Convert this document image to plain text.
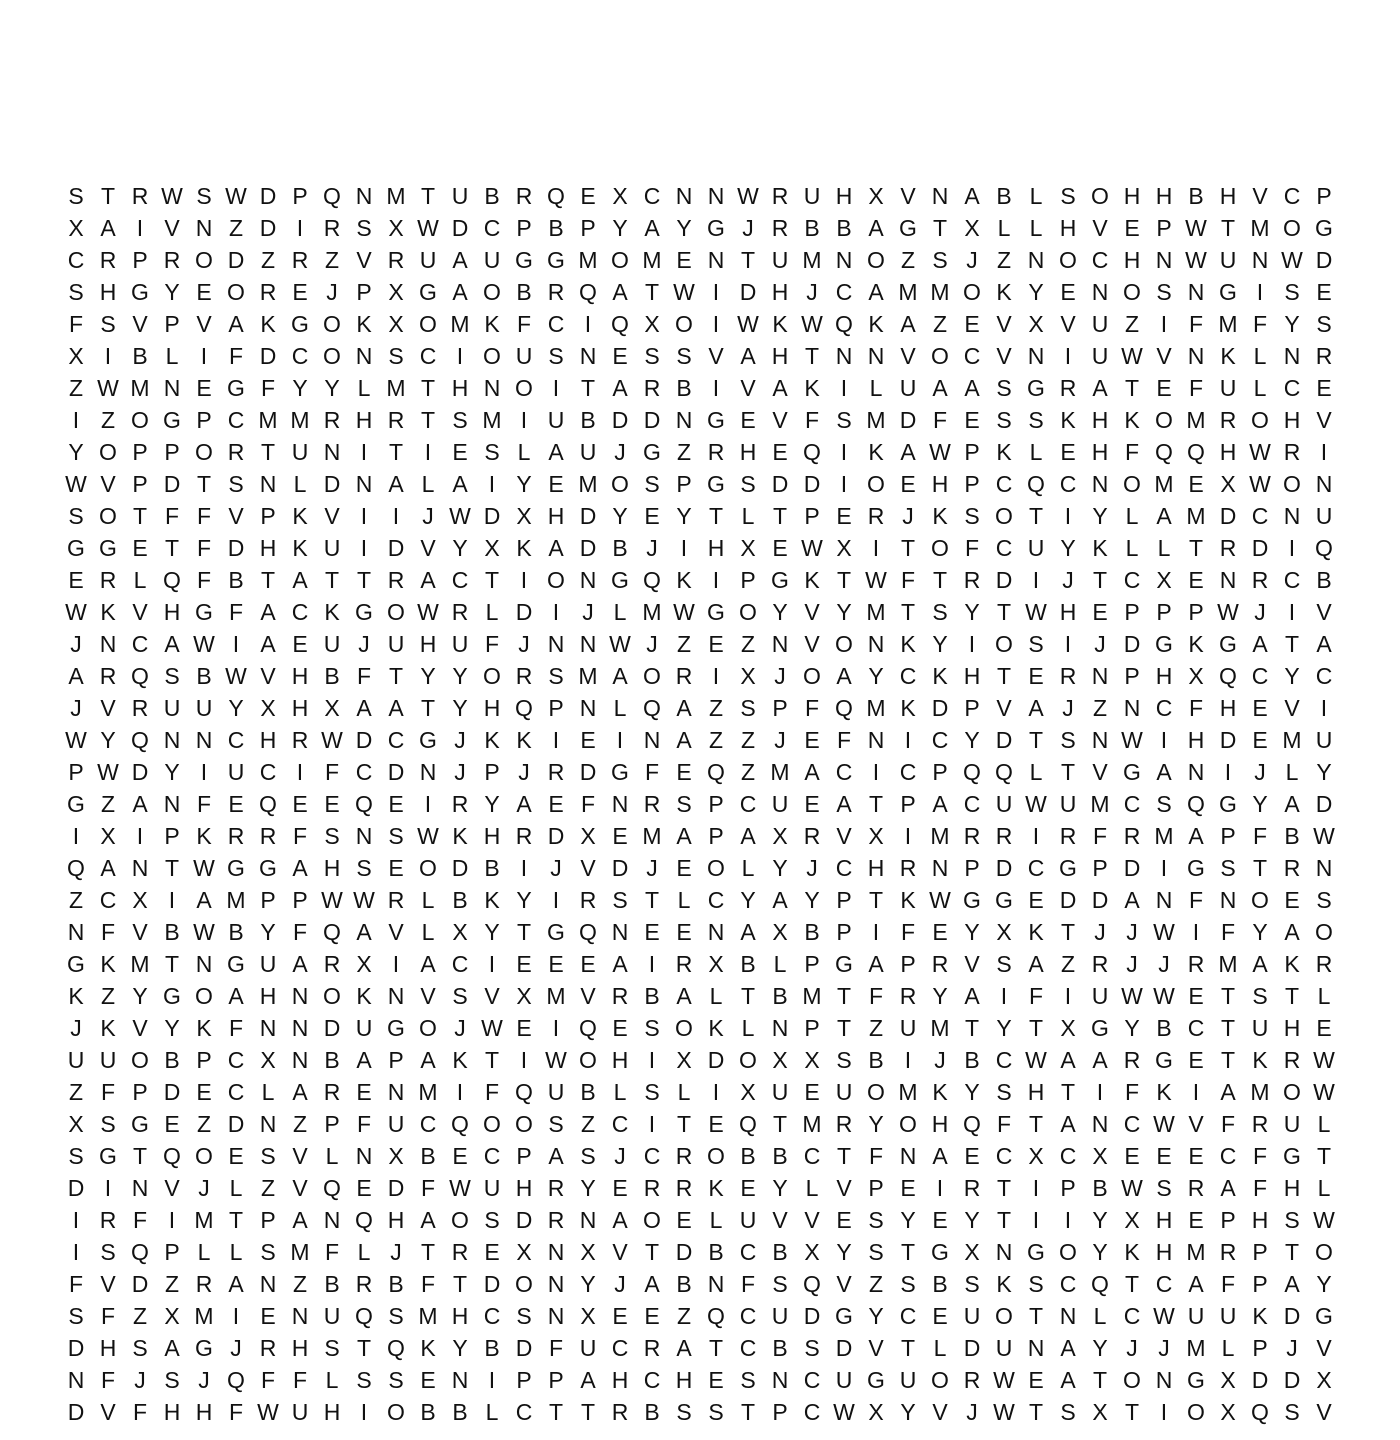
S T R W S W D P Q N M T U B R Q E X C N N W R U H X V N A B L S O H H B H V C P
X A I V N Z D I R S X W D C P B P Y A Y G J R B B A G T X L L H V E P W T M O G
C R P R O D Z R Z V R U A U G G M O M E N T U M N O Z S J Z N O C H N W U N W D
S H G Y E O R E J P X G A O B R Q A T W I D H J C A M M O K Y E N O S N G I S E
F S V P V A K G O K X O M K F C I Q X O I W K W Q K A Z E V X V U Z I F M F Y S
X I B L I F D C O N S C I O U S N E S S V A H T N N V O C V N I U W V N K L N R
Z W M N E G F Y Y L M T H N O I T A R B I V A K I L U A A S G R A T E F U L C E
I Z O G P C M M R H R T S M I U B D D N G E V F S M D F E S S K H K O M R O H V
Y O P P O R T U N I T I E S L A U J G Z R H E Q I K A W P K L E H F Q Q H W R I
W V P D T S N L D N A L A I Y E M O S P G S D D I O E H P C Q C N O M E X W O N
S O T F F V P K V I	I	J W D X H D Y E Y T L T P E R J K S O T I Y L A M D C N U
G G E T F D H K U I D V Y X K A D B J	I H X E W X I T O F C U Y K L L T R D I Q
E R L Q F B T A T T R A C T I O N G Q K I P G K T W F T R D I	J T C X E N R C B
W K V H G F A C K G O W R L D I	J L M W G O Y V Y M T S Y T W H E P P P W J	I V
J N C A W I A E U J U H U F J N N W J Z E Z N V O N K Y I O S I	J D G K G A T A
A R Q S B W V H B F T Y Y O R S M A O R I X J O A Y C K H T E R N P H X Q C Y C
J V R U U Y X H X A A T Y H Q P N L Q A Z S P F Q M K D P V A J Z N C F H E V I
W Y Q N N C H R W D C G J K K I E I N A Z Z J E F N I C Y D T S N W I H D E M U
P W D Y I U C I F C D N J P J R D G F E Q Z M A C I C P Q Q L T V G A N I	J L Y
G Z A N F E Q E E Q E I R Y A E F N R S P C U E A T P A C U W U M C S Q G Y A D
I X I P K R R F S N S W K H R D X E M A P A X R V X I M R R I R F R M A P F B W
Q A N T W G G A H S E O D B I	J V D J E O L Y J C H R N P D C G P D I G S T R N
Z C X I A M P P W W R L B K Y I R S T L C Y A Y P T K W G G E D D A N F N O E S
N F V B W B Y F Q A V L X Y T G Q N E E N A X B P I F E Y X K T J J W I F Y A O
G K M T N G U A R X I A C I E E E A I R X B L P G A P R V S A Z R J J R M A K R
K Z Y G O A H N O K N V S V X M V R B A L T B M T F R Y A I F I U W W E T S T L
J K V Y K F N N D U G O J W E I Q E S O K L N P T Z U M T Y T X G Y B C T U H E
U U O B P C X N B A P A K T I W O H I X D O X X S B I	J B C W A A R G E T K R W
Z F P D E C L A R E N M I F Q U B L S L I X U E U O M K Y S H T I F K I A M O W
X S G E Z D N Z P F U C Q O O S Z C I T E Q T M R Y O H Q F T A N C W V F R U L
S G T Q O E S V L N X B E C P A S J C R O B B C T F N A E C X C X E E E C F G T
D I N V J L Z V Q E D F W U H R Y E R R K E Y L V P E I R T I P B W S R A F H L
I R F I M T P A N Q H A O S D R N A O E L U V V E S Y E Y T I	I Y X H E P H S W
I S Q P L L S M F L J T R E X N X V T D B C B X Y S T G X N G O Y K H M R P T O
F V D Z R A N Z B R B F T D O N Y J A B N F S Q V Z S B S K S C Q T C A F P A Y
S F Z X M I E N U Q S M H C S N X E E Z Q C U D G Y C E U O T N L C W U U K D G
D H S A G J R H S T Q K Y B D F U C R A T C B S D V T L D U N A Y J J M L P J V
N F J S J Q F F L S S E N I P P A H C H E S N C U G U O R W E A T O N G X D D X
D V F H H F W U H I O B B L C T T R B S S T P C W X Y V J W T S X T I O X Q S V
